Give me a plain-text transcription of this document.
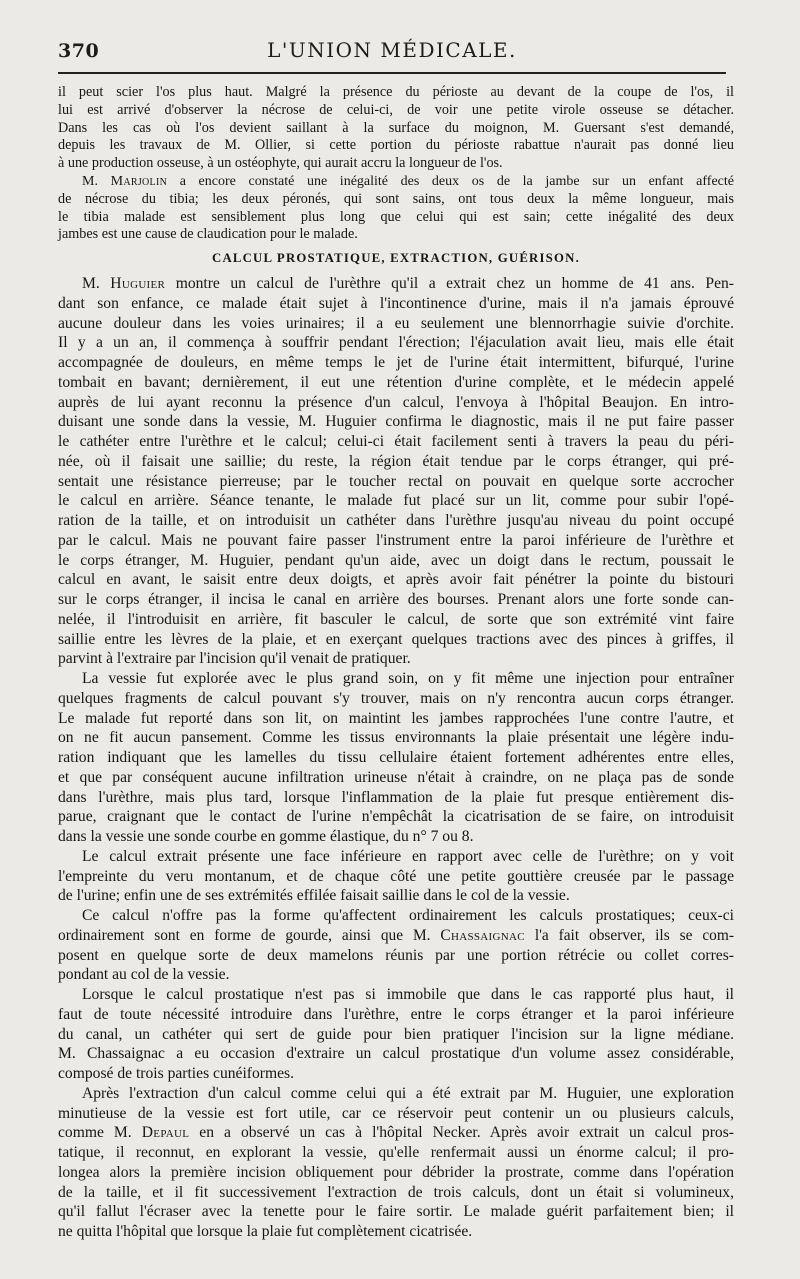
370	L'UNION MÉDICALE.
il peut scier l'os plus haut. Malgré la présence du périoste au devant de la coupe de l'os, il
lui est arrivé d'observer la nécrose de celui-ci, de voir une petite virole osseuse se détacher.
Dans les cas où l'os devient saillant à la surface du moignon, M. Guersant s'est demandé,
depuis les travaux de M. Ollier, si cette portion du périoste rabattue n'aurait pas donné lieu
à une production osseuse, à un ostéophyte, qui aurait accru la longueur de l'os.
M. Marjolin a encore constaté une inégalité des deux os de la jambe sur un enfant affecté
de nécrose du tibia; les deux péronés, qui sont sains, ont tous deux la même longueur, mais
le tibia malade est sensiblement plus long que celui qui est sain; cette inégalité des deux
jambes est une cause de claudication pour le malade.
CALCUL PROSTATIQUE, EXTRACTION, GUÉRISON.
M. Huguier montre un calcul de l'urèthre qu'il a extrait chez un homme de 41 ans. Pen-
dant son enfance, ce malade était sujet à l'incontinence d'urine, mais il n'a jamais éprouvé
aucune douleur dans les voies urinaires; il a eu seulement une blennorrhagie suivie d'orchite.
Il y a un an, il commença à souffrir pendant l'érection; l'éjaculation avait lieu, mais elle était
accompagnée de douleurs, en même temps le jet de l'urine était intermittent, bifurqué, l'urine
tombait en bavant; dernièrement, il eut une rétention d'urine complète, et le médecin appelé
auprès de lui ayant reconnu la présence d'un calcul, l'envoya à l'hôpital Beaujon. En intro-
duisant une sonde dans la vessie, M. Huguier confirma le diagnostic, mais il ne put faire passer
le cathéter entre l'urèthre et le calcul; celui-ci était facilement senti à travers la peau du péri-
née, où il faisait une saillie; du reste, la région était tendue par le corps étranger, qui pré-
sentait une résistance pierreuse; par le toucher rectal on pouvait en quelque sorte accrocher
le calcul en arrière. Séance tenante, le malade fut placé sur un lit, comme pour subir l'opé-
ration de la taille, et on introduisit un cathéter dans l'urèthre jusqu'au niveau du point occupé
par le calcul. Mais ne pouvant faire passer l'instrument entre la paroi inférieure de l'urèthre et
le corps étranger, M. Huguier, pendant qu'un aide, avec un doigt dans le rectum, poussait le
calcul en avant, le saisit entre deux doigts, et après avoir fait pénétrer la pointe du bistouri
sur le corps étranger, il incisa le canal en arrière des bourses. Prenant alors une forte sonde can-
nelée, il l'introduisit en arrière, fit basculer le calcul, de sorte que son extrémité vint faire
saillie entre les lèvres de la plaie, et en exerçant quelques tractions avec des pinces à griffes, il
parvint à l'extraire par l'incision qu'il venait de pratiquer.
La vessie fut explorée avec le plus grand soin, on y fit même une injection pour entraîner
quelques fragments de calcul pouvant s'y trouver, mais on n'y rencontra aucun corps étranger.
Le malade fut reporté dans son lit, on maintint les jambes rapprochées l'une contre l'autre, et
on ne fit aucun pansement. Comme les tissus environnants la plaie présentait une légère indu-
ration indiquant que les lamelles du tissu cellulaire étaient fortement adhérentes entre elles,
et que par conséquent aucune infiltration urineuse n'était à craindre, on ne plaça pas de sonde
dans l'urèthre, mais plus tard, lorsque l'inflammation de la plaie fut presque entièrement dis-
parue, craignant que le contact de l'urine n'empêchât la cicatrisation de se faire, on introduisit
dans la vessie une sonde courbe en gomme élastique, du n° 7 ou 8.
Le calcul extrait présente une face inférieure en rapport avec celle de l'urèthre; on y voit
l'empreinte du veru montanum, et de chaque côté une petite gouttière creusée par le passage
de l'urine; enfin une de ses extrémités effilée faisait saillie dans le col de la vessie.
Ce calcul n'offre pas la forme qu'affectent ordinairement les calculs prostatiques; ceux-ci
ordinairement sont en forme de gourde, ainsi que M. Chassaignac l'a fait observer, ils se com-
posent en quelque sorte de deux mamelons réunis par une portion rétrécie ou collet corres-
pondant au col de la vessie.
Lorsque le calcul prostatique n'est pas si immobile que dans le cas rapporté plus haut, il
faut de toute nécessité introduire dans l'urèthre, entre le corps étranger et la paroi inférieure
du canal, un cathéter qui sert de guide pour bien pratiquer l'incision sur la ligne médiane.
M. Chassaignac a eu occasion d'extraire un calcul prostatique d'un volume assez considérable,
composé de trois parties cunéiformes.
Après l'extraction d'un calcul comme celui qui a été extrait par M. Huguier, une exploration
minutieuse de la vessie est fort utile, car ce réservoir peut contenir un ou plusieurs calculs,
comme M. Depaul en a observé un cas à l'hôpital Necker. Après avoir extrait un calcul pros-
tatique, il reconnut, en explorant la vessie, qu'elle renfermait aussi un énorme calcul; il pro-
longea alors la première incision obliquement pour débrider la prostrate, comme dans l'opération
de la taille, et il fit successivement l'extraction de trois calculs, dont un était si volumineux,
qu'il fallut l'écraser avec la tenette pour le faire sortir. Le malade guérit parfaitement bien; il
ne quitta l'hôpital que lorsque la plaie fut complètement cicatrisée.
